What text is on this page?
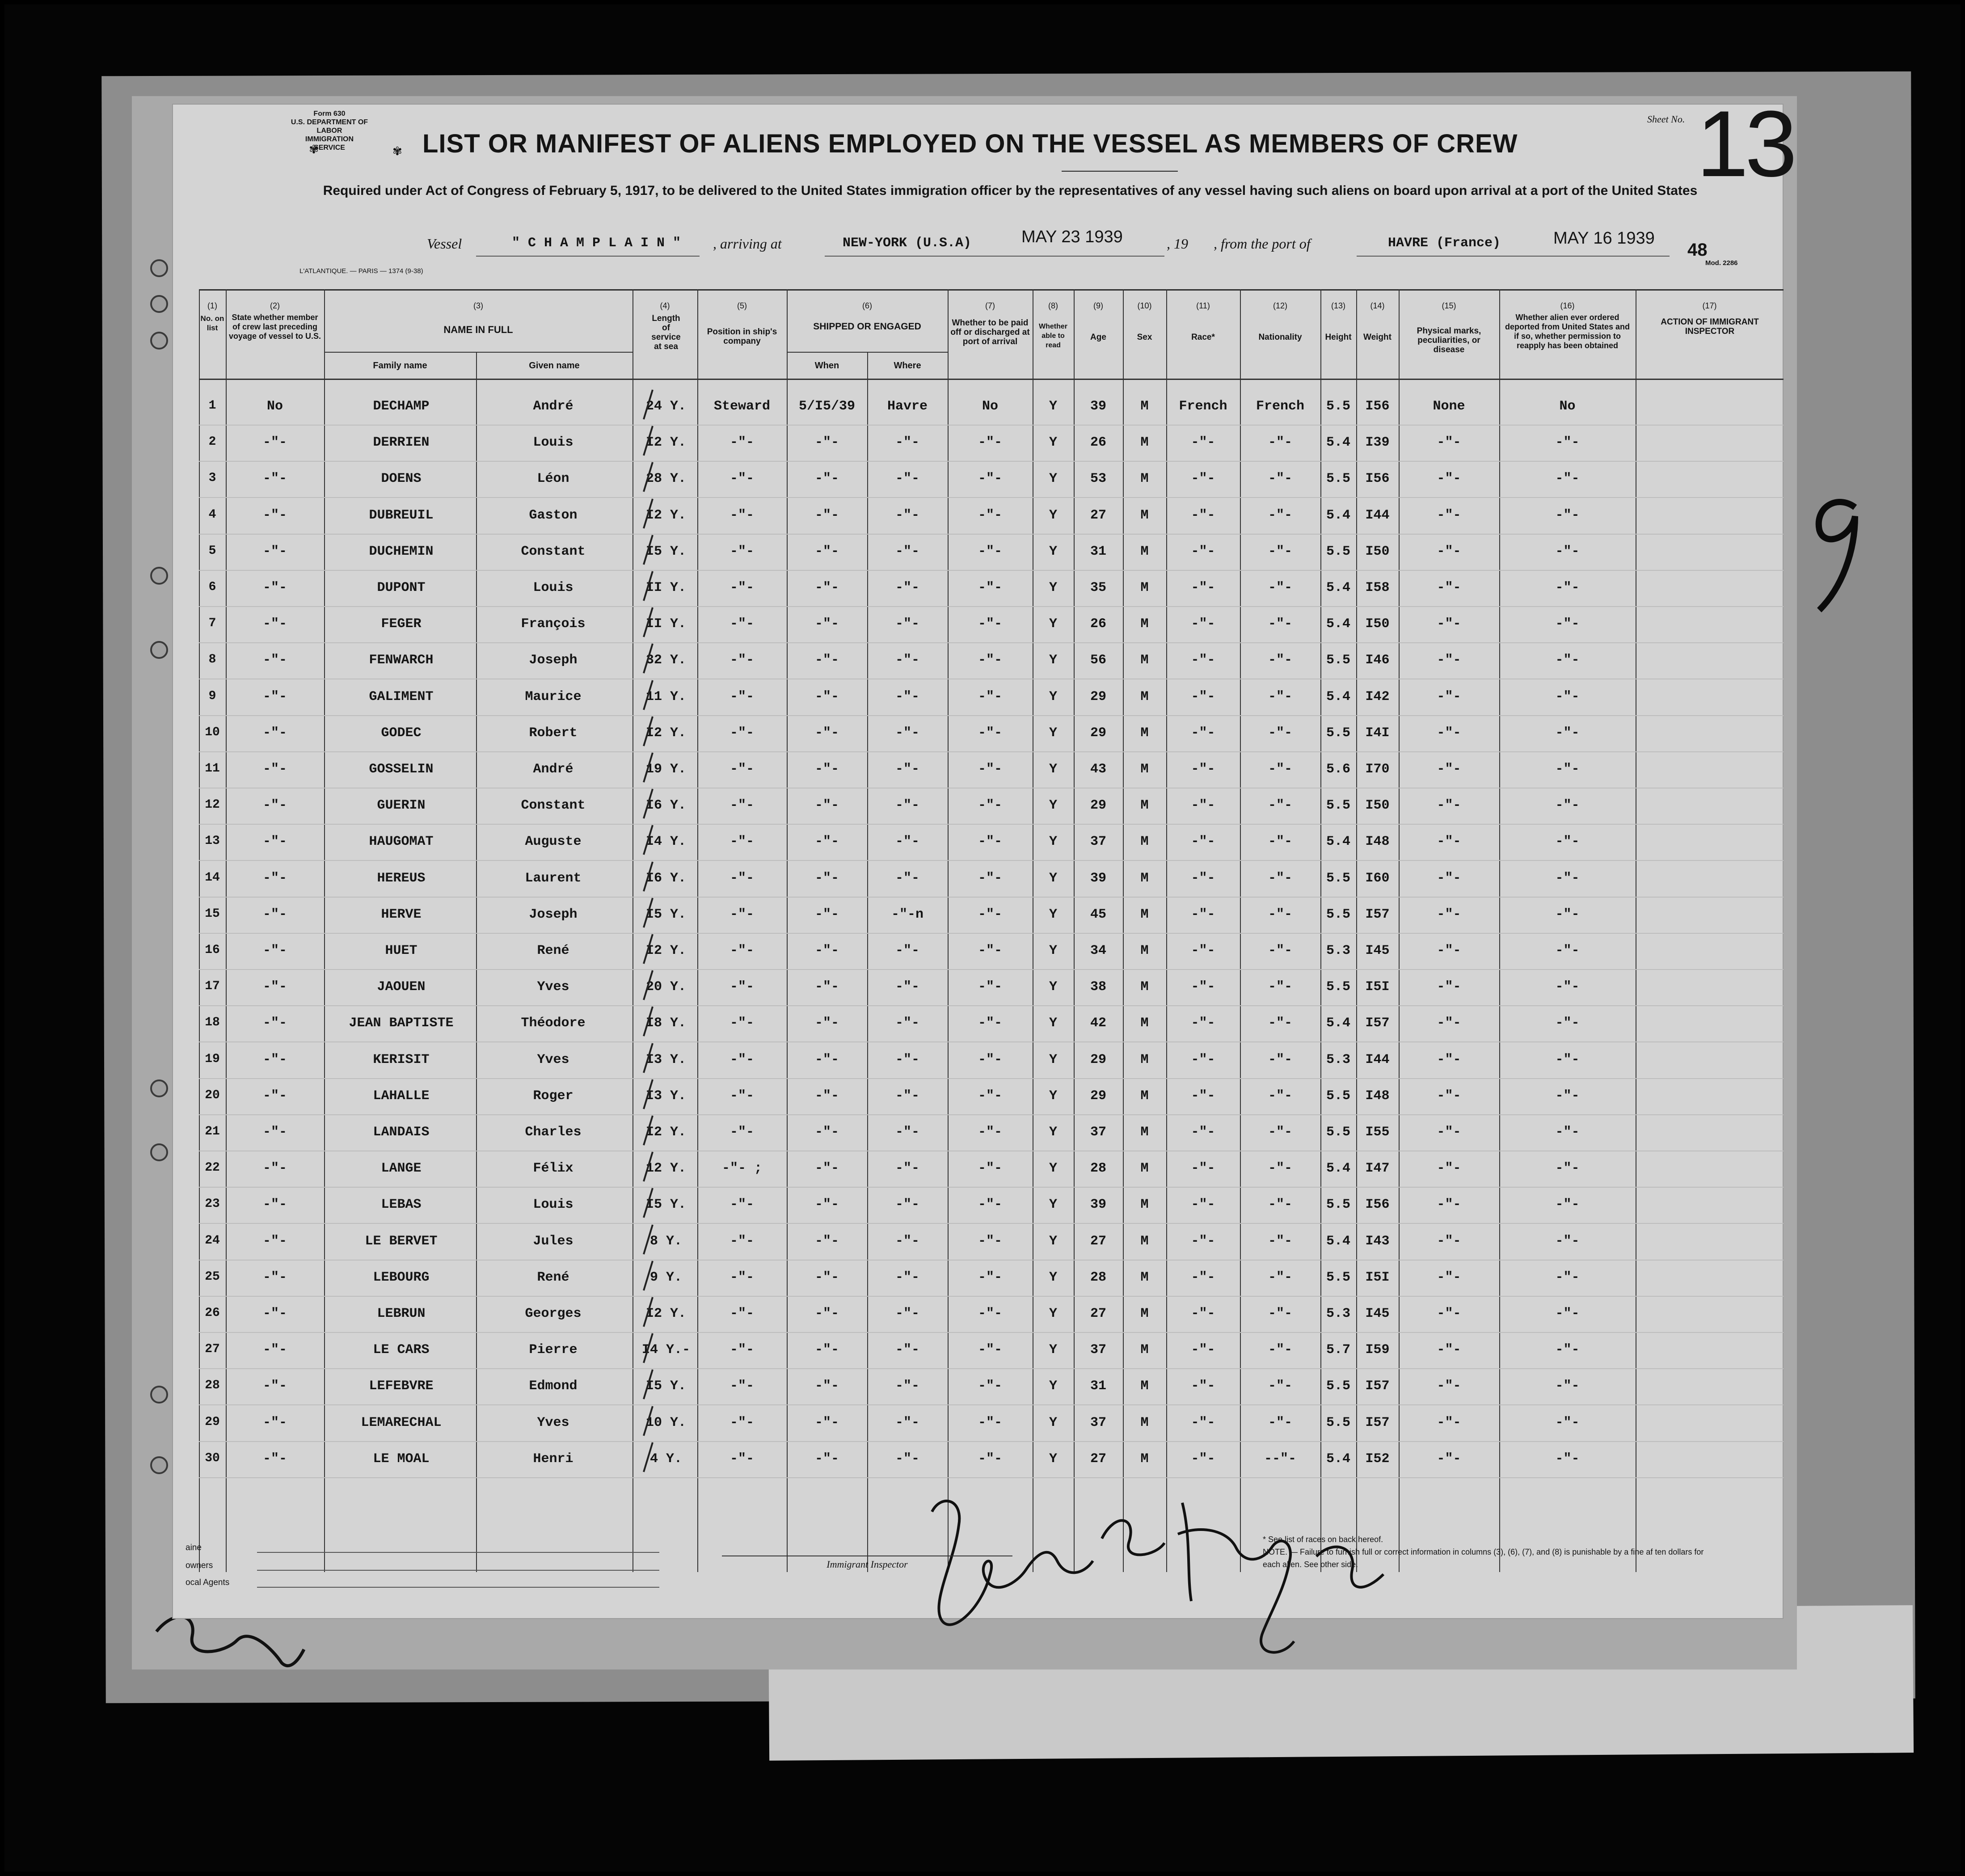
Form 630
U.S. DEPARTMENT OF LABOR
IMMIGRATION SERVICE
✾	✾ LIST OR MANIFEST OF ALIENS EMPLOYED ON THE VESSEL AS MEMBERS OF CREW
Sheet No. 13
Required under Act of Congress of February 5, 1917, to be delivered to the United States immigration officer by the representatives of any vessel having such aliens on board upon arrival at a port of the United States
Vessel	" C H A M P L A I N " , arriving at	NEW-YORK (U.S.A)	MAY 23 1939	, 19 , from the port of	HAVRE (France)	MAY 16 1939
48
L'ATLANTIQUE. — PARIS — 1374 (9-38)
Mod. 2286
(1)
No. on list
(2)
State whether member of crew last preceding voyage of vessel to U.S.
(3)
NAME IN FULL
Family name	Given name
(4)
Length of service at sea
(5)
Position in ship's company
(6)
SHIPPED OR ENGAGED
When	Where
(7)
Whether to be paid off or discharged at port of arrival
(8)
Whether able to read
(9)
Age
(10)
Sex
(11)
Race*
(12)
Nationality
(13)
Height
(14)
Weight
(15)
Physical marks, peculiarities, or disease
(16)
Whether alien ever ordered deported from United States and if so, whether permission to reapply has been obtained
(17)
ACTION OF IMMIGRANT INSPECTOR
1	No	DECHAMP	André	24 Y.	Steward	5/I5/39	Havre	No	Y	39	M	French	French	5.5	I56	None	No
2	-"-	DERRIEN	Louis	I2 Y.	-"-	-"-	-"-	-"-	Y	26	M	-"-	-"-	5.4	I39	-"-	-"-
3	-"-	DOENS	Léon	28 Y.	-"-	-"-	-"-	-"-	Y	53	M	-"-	-"-	5.5	I56	-"-	-"-
4	-"-	DUBREUIL	Gaston	I2 Y.	-"-	-"-	-"-	-"-	Y	27	M	-"-	-"-	5.4	I44	-"-	-"-
5	-"-	DUCHEMIN	Constant	I5 Y.	-"-	-"-	-"-	-"-	Y	31	M	-"-	-"-	5.5	I50	-"-	-"-
6	-"-	DUPONT	Louis	II Y.	-"-	-"-	-"-	-"-	Y	35	M	-"-	-"-	5.4	I58	-"-	-"-
7	-"-	FEGER	François	II Y.	-"-	-"-	-"-	-"-	Y	26	M	-"-	-"-	5.4	I50	-"-	-"-
8	-"-	FENWARCH	Joseph	32 Y.	-"-	-"-	-"-	-"-	Y	56	M	-"-	-"-	5.5	I46	-"-	-"-
9	-"-	GALIMENT	Maurice	11 Y.	-"-	-"-	-"-	-"-	Y	29	M	-"-	-"-	5.4	I42	-"-	-"-
10	-"-	GODEC	Robert	I2 Y.	-"-	-"-	-"-	-"-	Y	29	M	-"-	-"-	5.5	I4I	-"-	-"-
11	-"-	GOSSELIN	André	19 Y.	-"-	-"-	-"-	-"-	Y	43	M	-"-	-"-	5.6	I70	-"-	-"-
12	-"-	GUERIN	Constant	I6 Y.	-"-	-"-	-"-	-"-	Y	29	M	-"-	-"-	5.5	I50	-"-	-"-
13	-"-	HAUGOMAT	Auguste	I4 Y.	-"-	-"-	-"-	-"-	Y	37	M	-"-	-"-	5.4	I48	-"-	-"-
14	-"-	HEREUS	Laurent	I6 Y.	-"-	-"-	-"-	-"-	Y	39	M	-"-	-"-	5.5	I60	-"-	-"-
15	-"-	HERVE	Joseph	I5 Y.	-"-	-"-	-"-n	-"-	Y	45	M	-"-	-"-	5.5	I57	-"-	-"-
16	-"-	HUET	René	I2 Y.	-"-	-"-	-"-	-"-	Y	34	M	-"-	-"-	5.3	I45	-"-	-"-
17	-"-	JAOUEN	Yves	20 Y.	-"-	-"-	-"-	-"-	Y	38	M	-"-	-"-	5.5	I5I	-"-	-"-
18	-"-	JEAN BAPTISTE	Théodore	I8 Y.	-"-	-"-	-"-	-"-	Y	42	M	-"-	-"-	5.4	I57	-"-	-"-
19	-"-	KERISIT	Yves	I3 Y.	-"-	-"-	-"-	-"-	Y	29	M	-"-	-"-	5.3	I44	-"-	-"-
20	-"-	LAHALLE	Roger	I3 Y.	-"-	-"-	-"-	-"-	Y	29	M	-"-	-"-	5.5	I48	-"-	-"-
21	-"-	LANDAIS	Charles	I2 Y.	-"-	-"-	-"-	-"-	Y	37	M	-"-	-"-	5.5	I55	-"-	-"-
22	-"-	LANGE	Félix	12 Y.	-"- ;	-"-	-"-	-"-	Y	28	M	-"-	-"-	5.4	I47	-"-	-"-
23	-"-	LEBAS	Louis	I5 Y.	-"-	-"-	-"-	-"-	Y	39	M	-"-	-"-	5.5	I56	-"-	-"-
24	-"-	LE BERVET	Jules	8 Y.	-"-	-"-	-"-	-"-	Y	27	M	-"-	-"-	5.4	I43	-"-	-"-
25	-"-	LEBOURG	René	9 Y.	-"-	-"-	-"-	-"-	Y	28	M	-"-	-"-	5.5	I5I	-"-	-"-
26	-"-	LEBRUN	Georges	I2 Y.	-"-	-"-	-"-	-"-	Y	27	M	-"-	-"-	5.3	I45	-"-	-"-
27	-"-	LE CARS	Pierre	I4 Y.-	-"-	-"-	-"-	-"-	Y	37	M	-"-	-"-	5.7	I59	-"-	-"-
28	-"-	LEFEBVRE	Edmond	I5 Y.	-"-	-"-	-"-	-"-	Y	31	M	-"-	-"-	5.5	I57	-"-	-"-
29	-"-	LEMARECHAL	Yves	10 Y.	-"-	-"-	-"-	-"-	Y	37	M	-"-	-"-	5.5	I57	-"-	-"-
30	-"-	LE MOAL	Henri	4 Y.	-"-	-"-	-"-	-"-	Y	27	M	-"-	--"-	5.4	I52	-"-	-"-
Immigrant Inspector
aine
owners
ocal Agents
* See list of races on back hereof.
NOTE. — Failure to furnish full or correct information in columns (3), (6), (7), and (8) is punishable by a fine af ten dollars for each alien. See other side.
